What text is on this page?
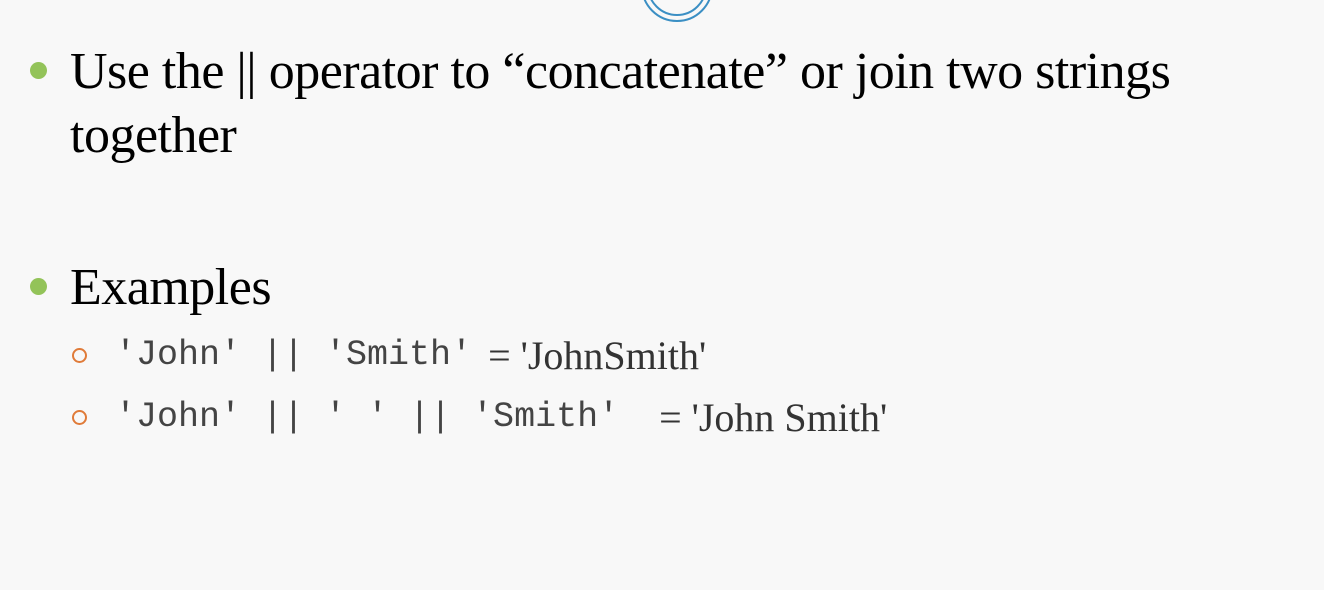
Use the || operator to “concatenate” or join two strings together
Examples
'John' || 'Smith' = 'JohnSmith'
'John' || ' ' || 'Smith' = 'John Smith'
